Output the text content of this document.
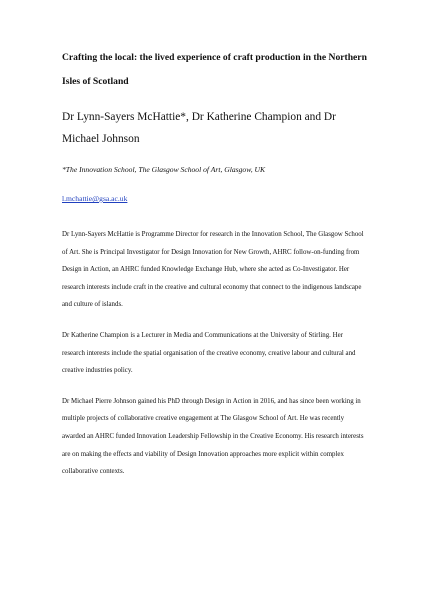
Crafting the local: the lived experience of craft production in the Northern Isles of Scotland

Dr Lynn-Sayers McHattie*, Dr Katherine Champion and Dr Michael Johnson

*The Innovation School, The Glasgow School of Art, Glasgow, UK

l.mchattie@gsa.ac.uk

Dr Lynn-Sayers McHattie is Programme Director for research in the Innovation School, The Glasgow School of Art. She is Principal Investigator for Design Innovation for New Growth, AHRC follow-on-funding from Design in Action, an AHRC funded Knowledge Exchange Hub, where she acted as Co-Investigator. Her research interests include craft in the creative and cultural economy that connect to the indigenous landscape and culture of islands.

Dr Katherine Champion is a Lecturer in Media and Communications at the University of Stirling. Her research interests include the spatial organisation of the creative economy, creative labour and cultural and creative industries policy.

Dr Michael Pierre Johnson gained his PhD through Design in Action in 2016, and has since been working in multiple projects of collaborative creative engagement at The Glasgow School of Art. He was recently awarded an AHRC funded Innovation Leadership Fellowship in the Creative Economy. His research interests are on making the effects and viability of Design Innovation approaches more explicit within complex collaborative contexts.
